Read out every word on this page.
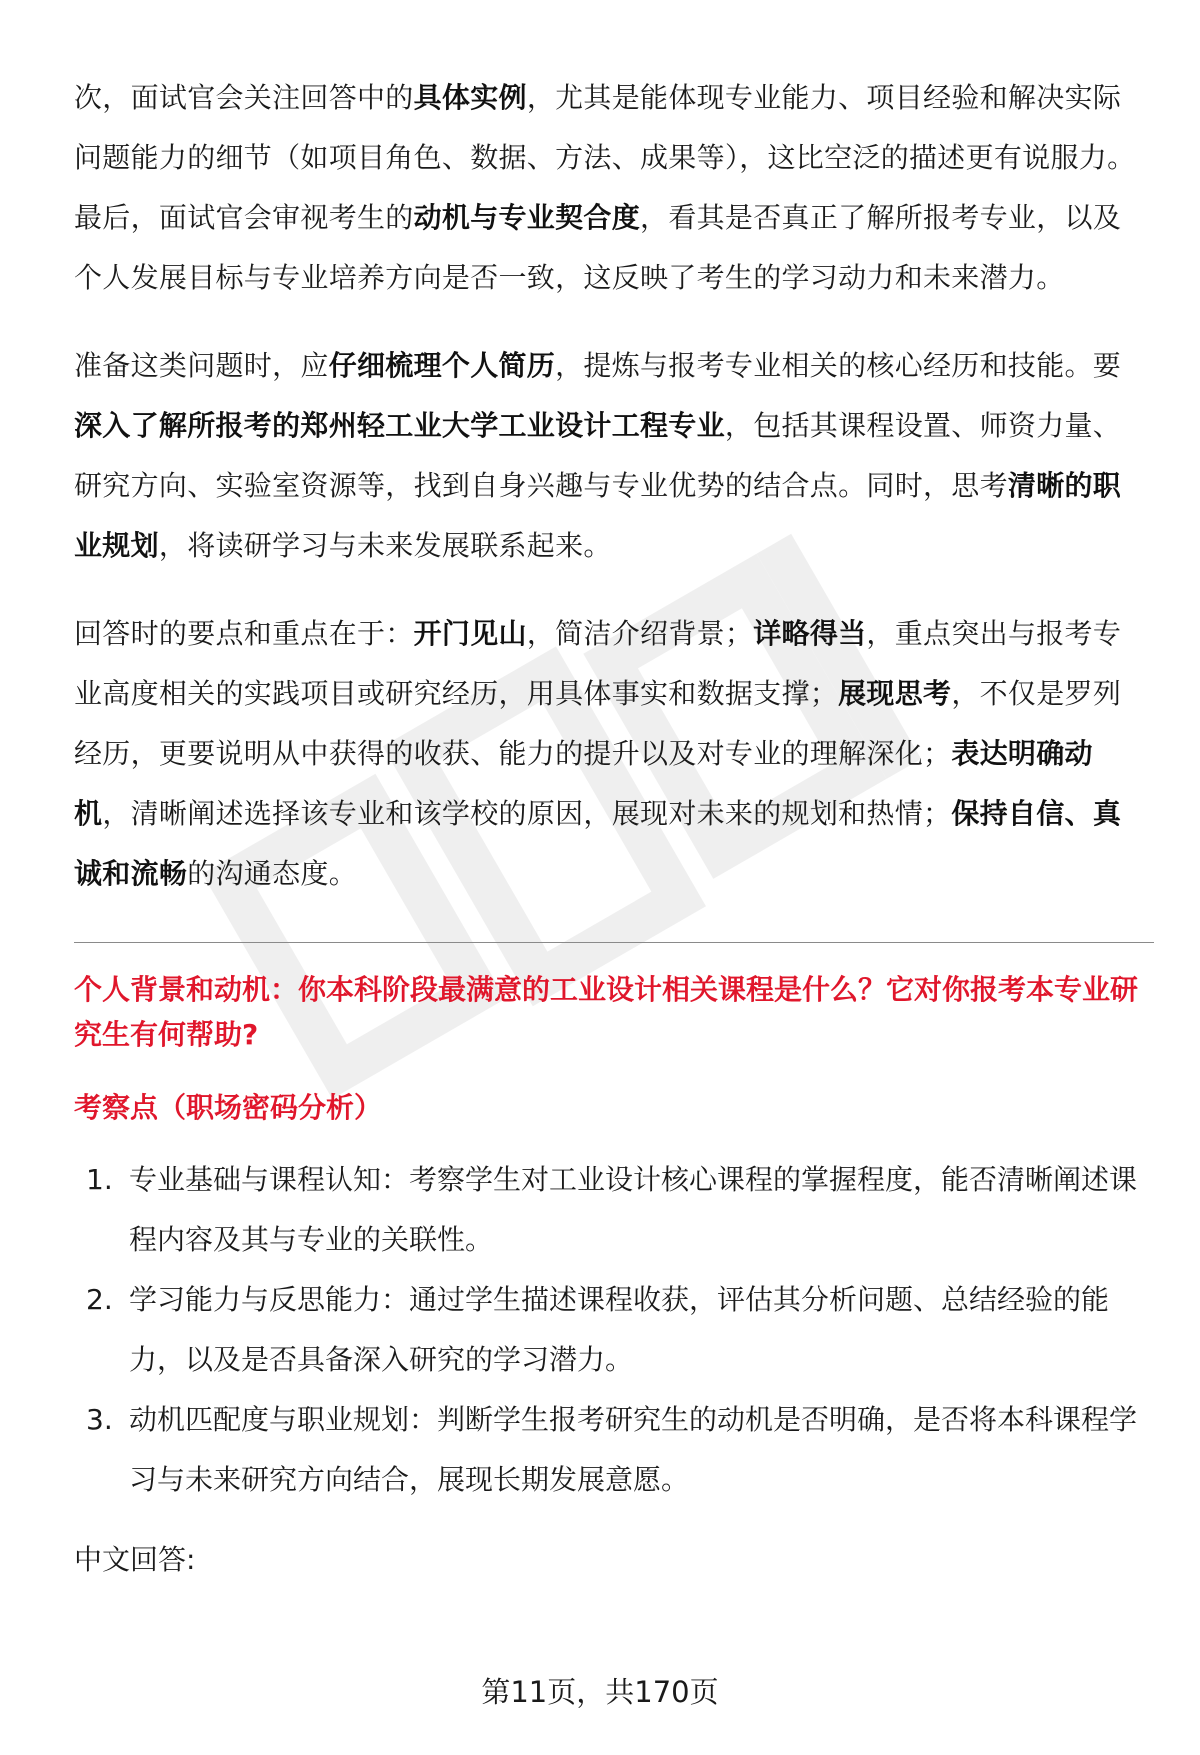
次，面试官会关注回答中的具体实例，尤其是能体现专业能力、项目经验和解决实际问题能力的细节（如项目角色、数据、方法、成果等），这比空泛的描述更有说服力。最后，面试官会审视考生的动机与专业契合度，看其是否真正了解所报考专业，以及个人发展目标与专业培养方向是否一致，这反映了考生的学习动力和未来潜力。

准备这类问题时，应仔细梳理个人简历，提炼与报考专业相关的核心经历和技能。要深入了解所报考的郑州轻工业大学工业设计工程专业，包括其课程设置、师资力量、研究方向、实验室资源等，找到自身兴趣与专业优势的结合点。同时，思考清晰的职业规划，将读研学习与未来发展联系起来。

回答时的要点和重点在于：开门见山，简洁介绍背景；详略得当，重点突出与报考专业高度相关的实践项目或研究经历，用具体事实和数据支撑；展现思考，不仅是罗列经历，更要说明从中获得的收获、能力的提升以及对专业的理解深化；表达明确动机，清晰阐述选择该专业和该学校的原因，展现对未来的规划和热情；保持自信、真诚和流畅的沟通态度。

个人背景和动机：你本科阶段最满意的工业设计相关课程是什么？它对你报考本专业研究生有何帮助?

考察点（职场密码分析）

1. 专业基础与课程认知：考察学生对工业设计核心课程的掌握程度，能否清晰阐述课程内容及其与专业的关联性。
2. 学习能力与反思能力：通过学生描述课程收获，评估其分析问题、总结经验的能力，以及是否具备深入研究的学习潜力。
3. 动机匹配度与职业规划：判断学生报考研究生的动机是否明确，是否将本科课程学习与未来研究方向结合，展现长期发展意愿。

中文回答:

第11页，共170页
